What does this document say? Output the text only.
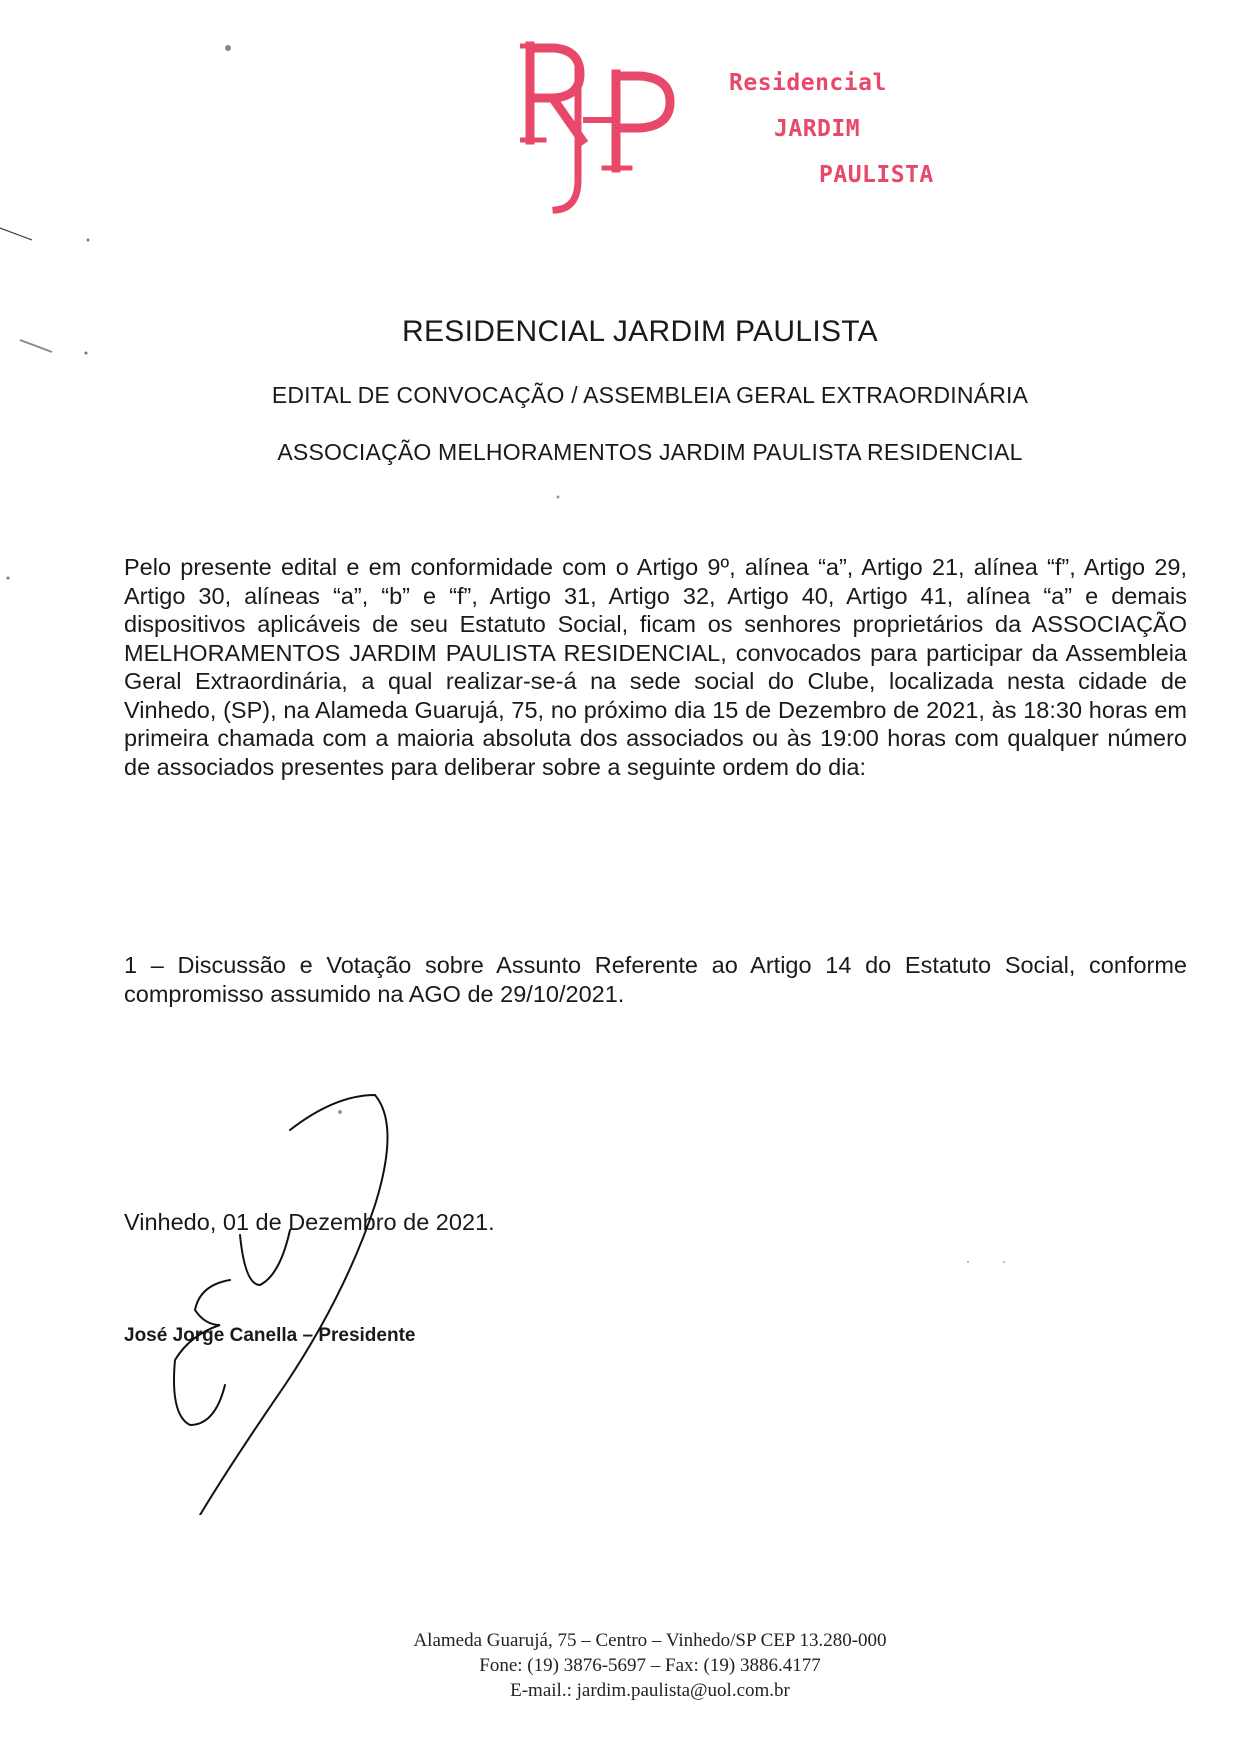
Residencial
JARDIM
PAULISTA
RESIDENCIAL JARDIM PAULISTA
EDITAL DE CONVOCAÇÃO / ASSEMBLEIA GERAL EXTRAORDINÁRIA
ASSOCIAÇÃO MELHORAMENTOS JARDIM PAULISTA RESIDENCIAL
Pelo presente edital e em conformidade com o Artigo 9º, alínea “a”, Artigo 21, alínea “f”, Artigo 29, Artigo 30, alíneas “a”, “b” e “f”, Artigo 31, Artigo 32, Artigo 40, Artigo 41, alínea “a” e demais dispositivos aplicáveis de seu Estatuto Social, ficam os senhores proprietários da ASSOCIAÇÃO MELHORAMENTOS JARDIM PAULISTA RESIDENCIAL, convocados para participar da Assembleia Geral Extraordinária, a qual realizar-se-á na sede social do Clube, localizada nesta cidade de Vinhedo, (SP), na Alameda Guarujá, 75, no próximo dia 15 de Dezembro de 2021, às 18:30 horas em primeira chamada com a maioria absoluta dos associados ou às 19:00 horas com qualquer número de associados presentes para deliberar sobre a seguinte ordem do dia:
1 – Discussão e Votação sobre Assunto Referente ao Artigo 14 do Estatuto Social, conforme compromisso assumido na AGO de 29/10/2021.
Vinhedo, 01 de Dezembro de 2021.
José Jorge Canella – Presidente
Alameda Guarujá, 75 – Centro – Vinhedo/SP CEP 13.280-000
Fone: (19) 3876-5697 – Fax: (19) 3886.4177
E-mail.: jardim.paulista@uol.com.br
